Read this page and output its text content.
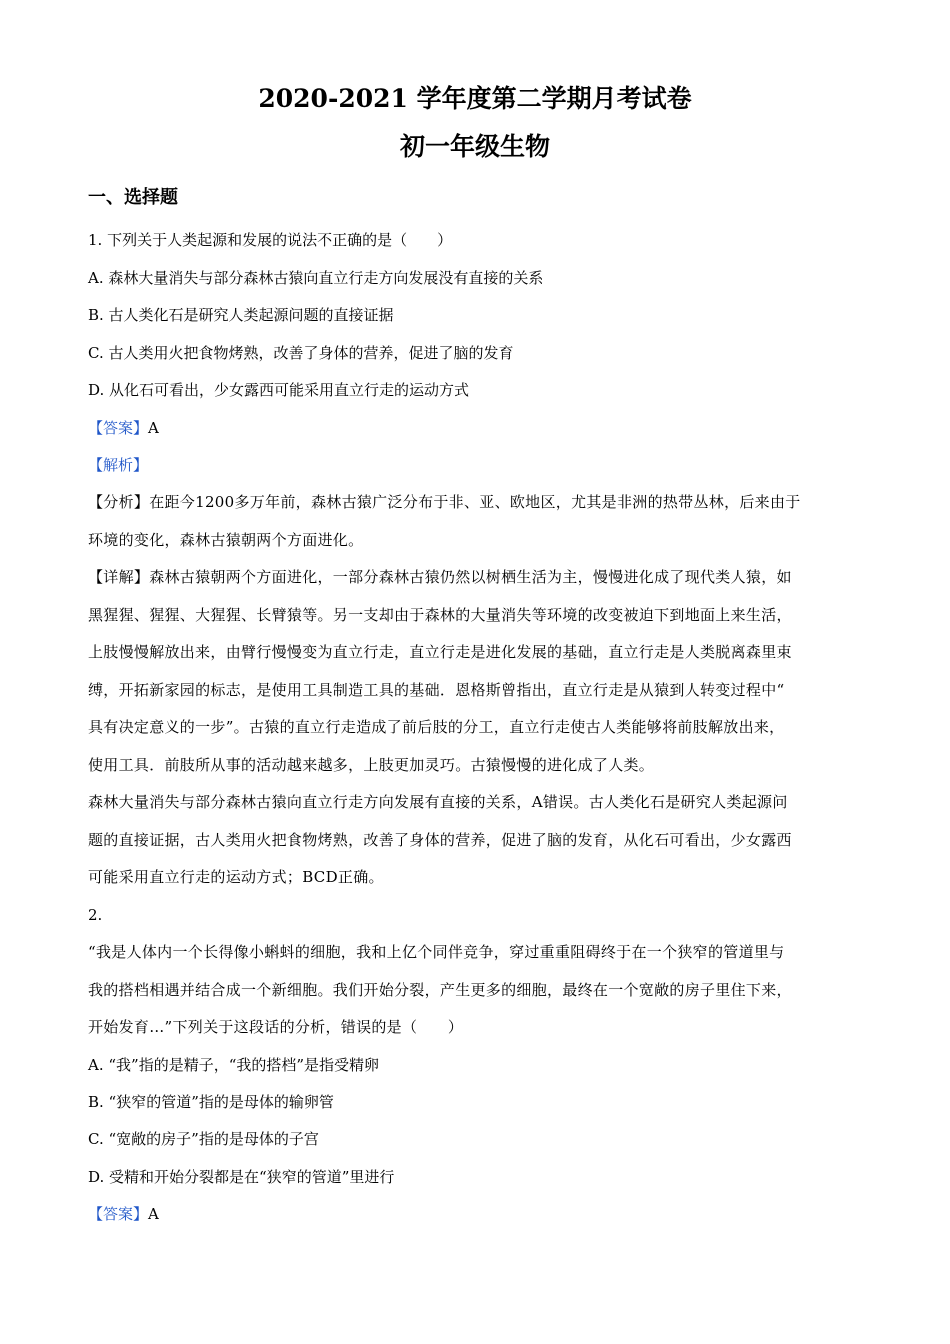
2020-2021 学年度第二学期月考试卷
初一年级生物
一、选择题
1. 下列关于人类起源和发展的说法不正确的是（　　）
A. 森林大量消失与部分森林古猿向直立行走方向发展没有直接的关系
B. 古人类化石是研究人类起源问题的直接证据
C. 古人类用火把食物烤熟，改善了身体的营养，促进了脑的发育
D. 从化石可看出，少女露西可能采用直立行走的运动方式
【答案】A
【解析】
【分析】在距今1200多万年前，森林古猿广泛分布于非、亚、欧地区，尤其是非洲的热带丛林，后来由于
环境的变化，森林古猿朝两个方面进化。
【详解】森林古猿朝两个方面进化，一部分森林古猿仍然以树栖生活为主，慢慢进化成了现代类人猿，如
黑猩猩、猩猩、大猩猩、长臂猿等。另一支却由于森林的大量消失等环境的改变被迫下到地面上来生活，
上肢慢慢解放出来，由臂行慢慢变为直立行走，直立行走是进化发展的基础，直立行走是人类脱离森里束
缚，开拓新家园的标志，是使用工具制造工具的基础．恩格斯曾指出，直立行走是从猿到人转变过程中“
具有决定意义的一步”。古猿的直立行走造成了前后肢的分工，直立行走使古人类能够将前肢解放出来，
使用工具．前肢所从事的活动越来越多，上肢更加灵巧。古猿慢慢的进化成了人类。
森林大量消失与部分森林古猿向直立行走方向发展有直接的关系，A错误。古人类化石是研究人类起源问
题的直接证据，古人类用火把食物烤熟，改善了身体的营养，促进了脑的发育，从化石可看出，少女露西
可能采用直立行走的运动方式；BCD正确。
2.
“我是人体内一个长得像小蝌蚪的细胞，我和上亿个同伴竞争，穿过重重阻碍终于在一个狭窄的管道里与
我的搭档相遇并结合成一个新细胞。我们开始分裂，产生更多的细胞，最终在一个宽敞的房子里住下来，
开始发育…”下列关于这段话的分析，错误的是（　　）
A. “我”指的是精子，“我的搭档”是指受精卵
B. “狭窄的管道”指的是母体的输卵管
C. “宽敞的房子”指的是母体的子宫
D. 受精和开始分裂都是在“狭窄的管道”里进行
【答案】A
